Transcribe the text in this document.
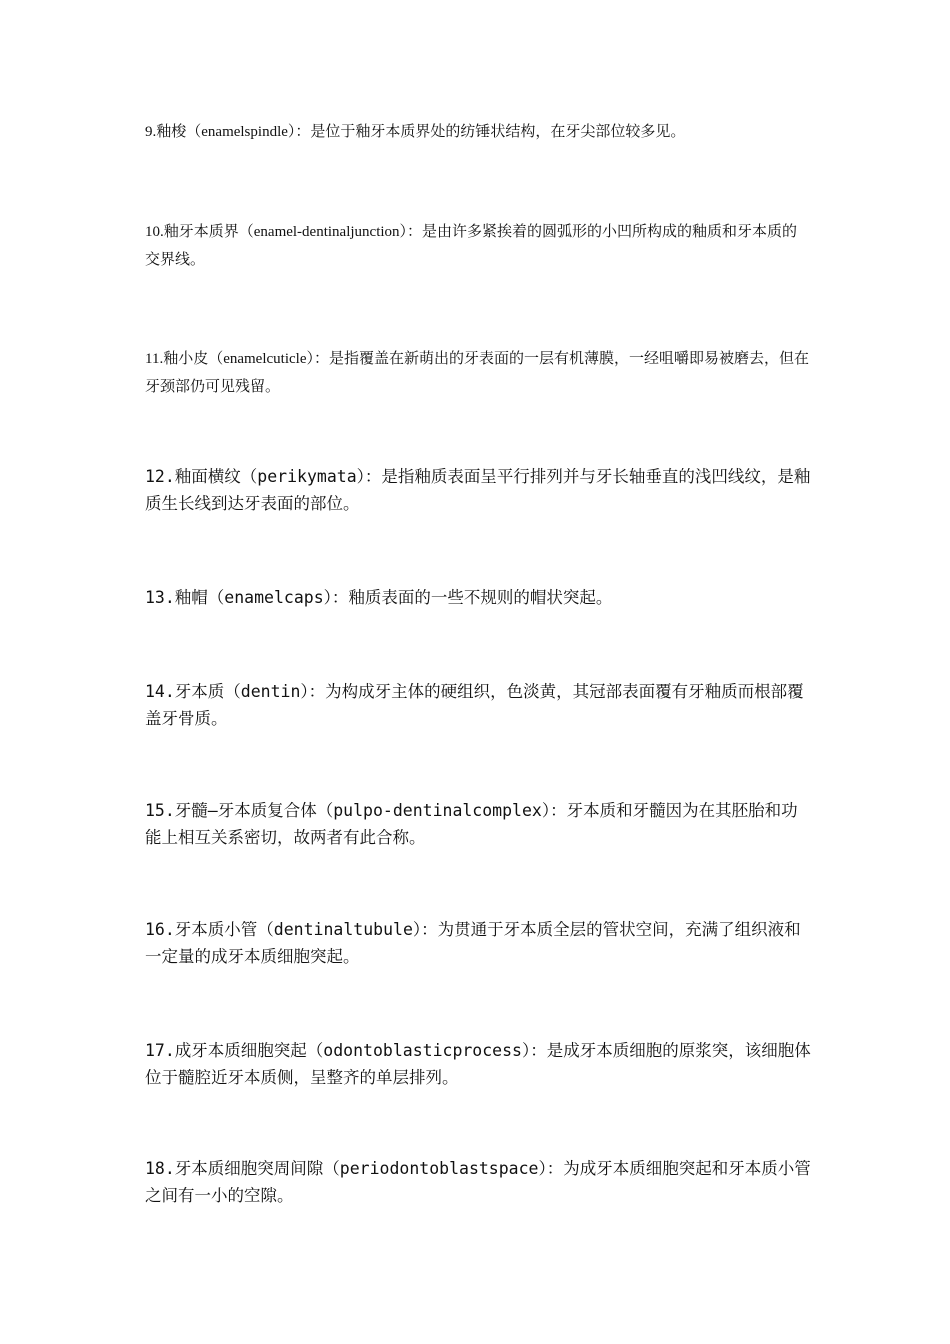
9.釉梭（enamelspindle）：是位于釉牙本质界处的纺锤状结构，在牙尖部位较多见。

10.釉牙本质界（enamel-dentinaljunction）：是由许多紧挨着的圆弧形的小凹所构成的釉质和牙本质的交界线。

11.釉小皮（enamelcuticle）：是指覆盖在新萌出的牙表面的一层有机薄膜，一经咀嚼即易被磨去，但在牙颈部仍可见残留。

12.釉面横纹（perikymata）：是指釉质表面呈平行排列并与牙长轴垂直的浅凹线纹，是釉质生长线到达牙表面的部位。

13.釉帽（enamelcaps）：釉质表面的一些不规则的帽状突起。

14.牙本质（dentin）：为构成牙主体的硬组织，色淡黄，其冠部表面覆有牙釉质而根部覆盖牙骨质。

15.牙髓—牙本质复合体（pulpo-dentinalcomplex）：牙本质和牙髓因为在其胚胎和功能上相互关系密切，故两者有此合称。

16.牙本质小管（dentinaltubule）：为贯通于牙本质全层的管状空间，充满了组织液和一定量的成牙本质细胞突起。

17.成牙本质细胞突起（odontoblasticprocess）：是成牙本质细胞的原浆突，该细胞体位于髓腔近牙本质侧，呈整齐的单层排列。

18.牙本质细胞突周间隙（periodontoblastspace）：为成牙本质细胞突起和牙本质小管之间有一小的空隙。
